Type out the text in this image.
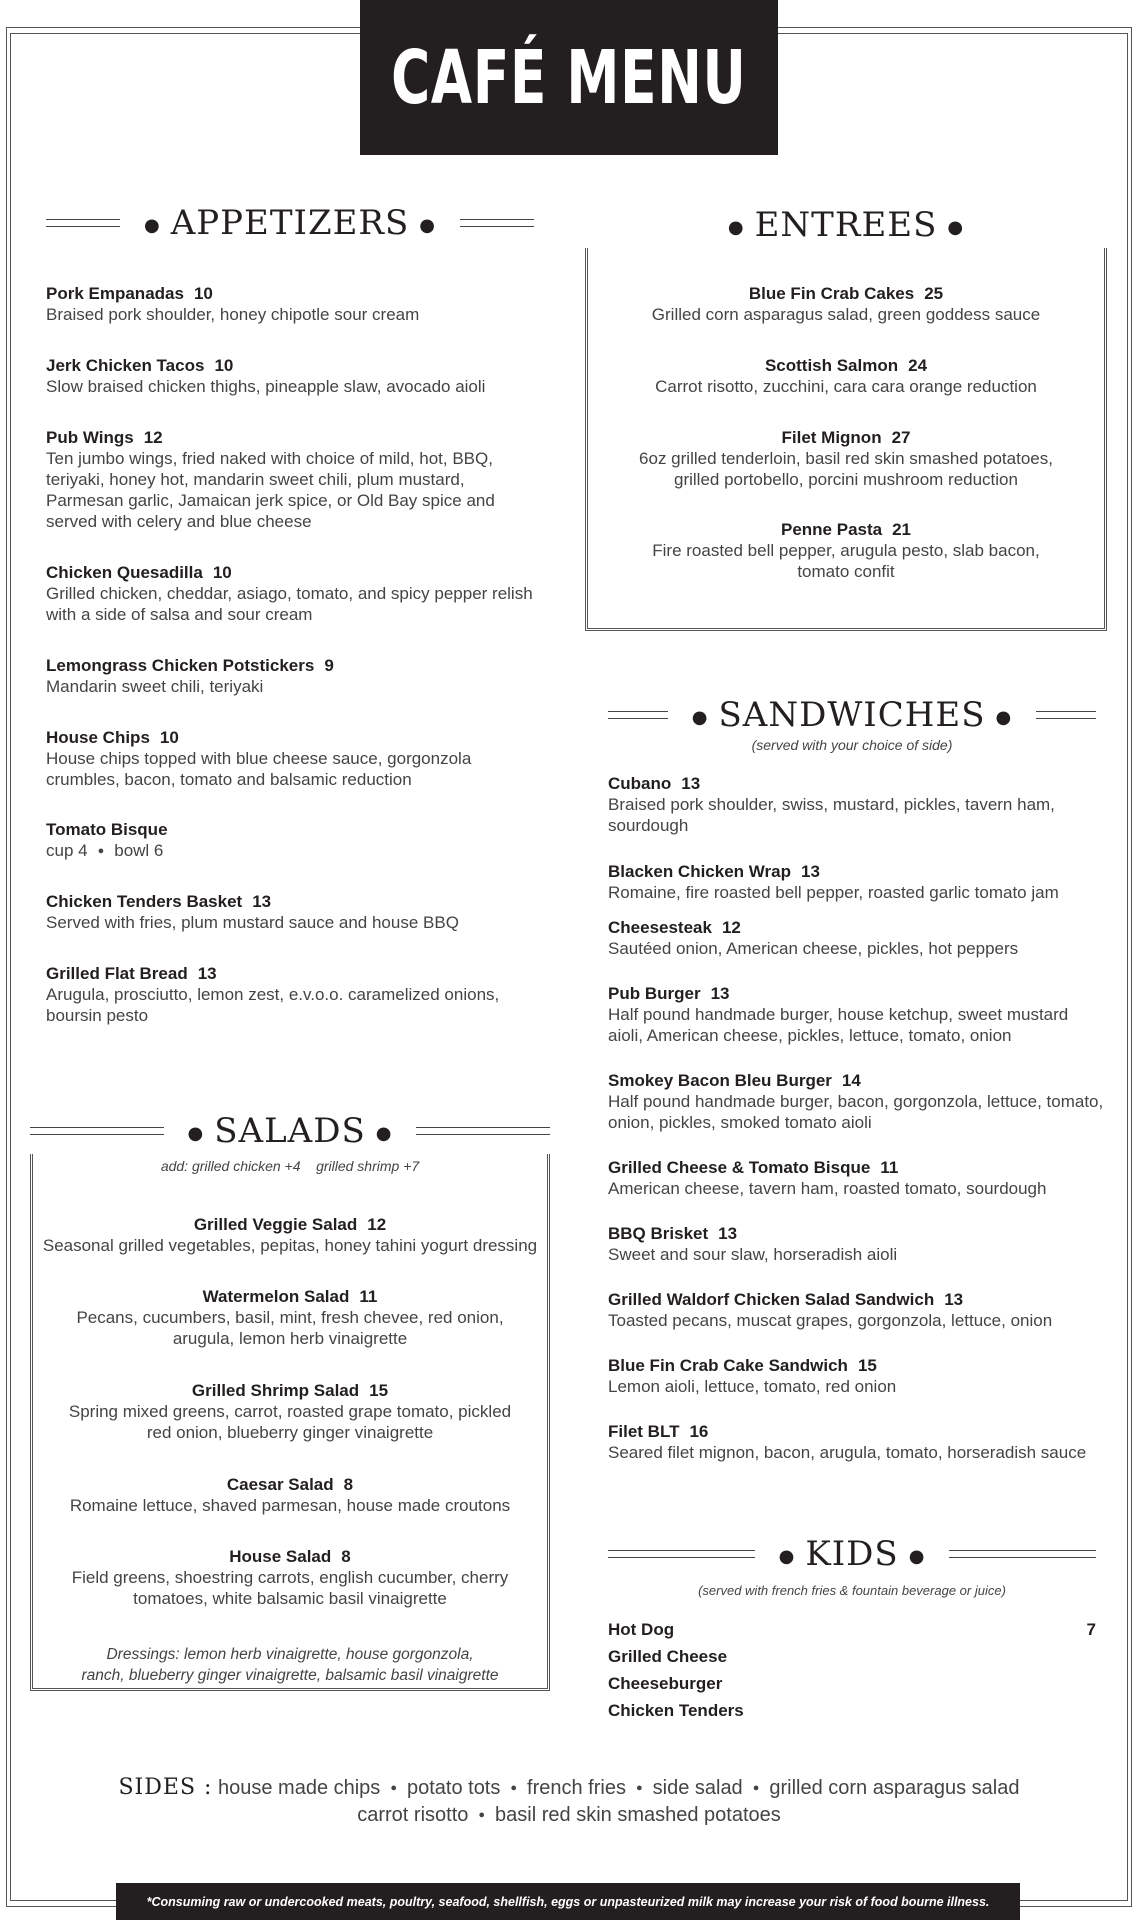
CAFÉ MENU
● APPETIZERS ●
Pork Empanadas 10
Braised pork shoulder, honey chipotle sour cream
Jerk Chicken Tacos 10
Slow braised chicken thighs, pineapple slaw, avocado aioli
Pub Wings 12
Ten jumbo wings, fried naked with choice of mild, hot, BBQ,
teriyaki, honey hot, mandarin sweet chili, plum mustard,
Parmesan garlic, Jamaican jerk spice, or Old Bay spice and
served with celery and blue cheese
Chicken Quesadilla 10
Grilled chicken, cheddar, asiago, tomato, and spicy pepper relish
with a side of salsa and sour cream
Lemongrass Chicken Potstickers 9
Mandarin sweet chili, teriyaki
House Chips 10
House chips topped with blue cheese sauce, gorgonzola
crumbles, bacon, tomato and balsamic reduction
Tomato Bisque
cup 4 ● bowl 6
Chicken Tenders Basket 13
Served with fries, plum mustard sauce and house BBQ
Grilled Flat Bread 13
Arugula, prosciutto, lemon zest, e.v.o.o. caramelized onions,
boursin pesto
● ENTREES ●
Blue Fin Crab Cakes 25
Grilled corn asparagus salad, green goddess sauce
Scottish Salmon 24
Carrot risotto, zucchini, cara cara orange reduction
Filet Mignon 27
6oz grilled tenderloin, basil red skin smashed potatoes,
grilled portobello, porcini mushroom reduction
Penne Pasta 21
Fire roasted bell pepper, arugula pesto, slab bacon,
tomato confit
● SANDWICHES ●
(served with your choice of side)
Cubano 13
Braised pork shoulder, swiss, mustard, pickles, tavern ham,
sourdough
Blacken Chicken Wrap 13
Romaine, fire roasted bell pepper, roasted garlic tomato jam
Cheesesteak 12
Sautéed onion, American cheese, pickles, hot peppers
Pub Burger 13
Half pound handmade burger, house ketchup, sweet mustard
aioli, American cheese, pickles, lettuce, tomato, onion
Smokey Bacon Bleu Burger 14
Half pound handmade burger, bacon, gorgonzola, lettuce, tomato,
onion, pickles, smoked tomato aioli
Grilled Cheese & Tomato Bisque 11
American cheese, tavern ham, roasted tomato, sourdough
BBQ Brisket 13
Sweet and sour slaw, horseradish aioli
Grilled Waldorf Chicken Salad Sandwich 13
Toasted pecans, muscat grapes, gorgonzola, lettuce, onion
Blue Fin Crab Cake Sandwich 15
Lemon aioli, lettuce, tomato, red onion
Filet BLT 16
Seared filet mignon, bacon, arugula, tomato, horseradish sauce
● SALADS ●
add: grilled chicken +4    grilled shrimp +7
Grilled Veggie Salad 12
Seasonal grilled vegetables, pepitas, honey tahini yogurt dressing
Watermelon Salad 11
Pecans, cucumbers, basil, mint, fresh chevee, red onion,
arugula, lemon herb vinaigrette
Grilled Shrimp Salad 15
Spring mixed greens, carrot, roasted grape tomato, pickled
red onion, blueberry ginger vinaigrette
Caesar Salad 8
Romaine lettuce, shaved parmesan, house made croutons
House Salad 8
Field greens, shoestring carrots, english cucumber, cherry
tomatoes, white balsamic basil vinaigrette
Dressings: lemon herb vinaigrette, house gorgonzola,
ranch, blueberry ginger vinaigrette, balsamic basil vinaigrette
● KIDS ●
(served with french fries & fountain beverage or juice)
Hot Dog	7
Grilled Cheese
Cheeseburger
Chicken Tenders
SIDES : house made chips ● potato tots ● french fries ● side salad ● grilled corn asparagus salad
carrot risotto ● basil red skin smashed potatoes
*Consuming raw or undercooked meats, poultry, seafood, shellfish, eggs or unpasteurized milk may increase your risk of food bourne illness.
